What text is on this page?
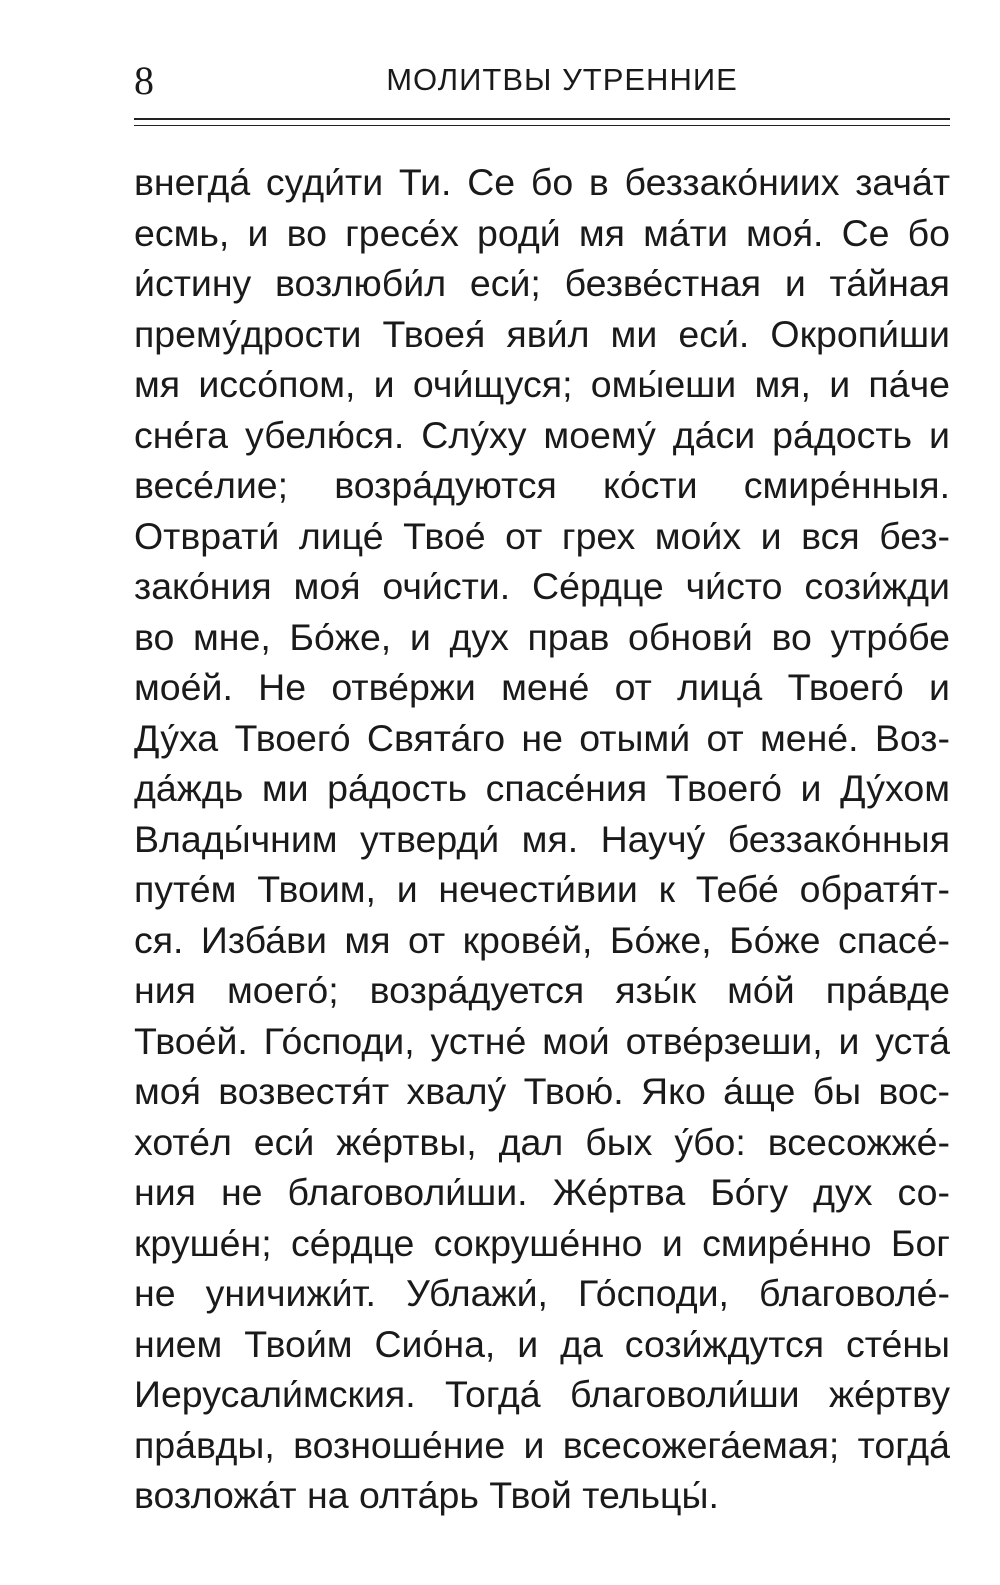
8	МОЛИТВЫ УТРЕННИЕ
внегда́ суди́ти Ти. Се бо в беззако́ниих зача́т
есмь, и во гресе́х роди́ мя ма́ти моя́. Се бо
и́стину возлюби́л еси́; безве́стная и та́йная
прему́дрости Твоея́ яви́л ми еси́. Окропи́ши
мя иссо́пом, и очи́щуся; омы́еши мя, и па́че
сне́га убелю́ся. Слу́ху моему́ да́си ра́дость и
весе́лие; возра́дуются ко́сти смире́нныя.
Отврати́ лице́ Твое́ от грех мои́х и вся без-
зако́ния моя́ очи́сти. Се́рдце чи́сто сози́жди
во мне, Бо́же, и дух прав обнови́ во утро́бе
мое́й. Не отве́ржи мене́ от лица́ Твоего́ и
Ду́ха Твоего́ Свята́го не отыми́ от мене́. Воз-
да́ждь ми ра́дость спасе́ния Твоего́ и Ду́хом
Влады́чним утверди́ мя. Научу́ беззако́нныя
путе́м Твоим, и нечести́вии к Тебе́ обратя́т-
ся. Изба́ви мя от крове́й, Бо́же, Бо́же спасе́-
ния моего́; возра́дуется язы́к мо́й пра́вде
Твое́й. Го́споди, устне́ мои́ отве́рзеши, и уста́
моя́ возвестя́т хвалу́ Твою́. Яко а́ще бы вос-
хоте́л еси́ же́ртвы, дал бых у́бо: всесожже́-
ния не благоволи́ши. Же́ртва Бо́гу дух со-
круше́н; се́рдце сокруше́нно и смире́нно Бог
не уничижи́т. Ублажи́, Го́споди, благоволе́-
нием Твои́м Сио́на, и да сози́ждутся сте́ны
Иерусали́мския. Тогда́ благоволи́ши же́ртву
пра́вды, возноше́ние и всесожега́емая; тогда́
возложа́т на олта́рь Твой тельцы́.
